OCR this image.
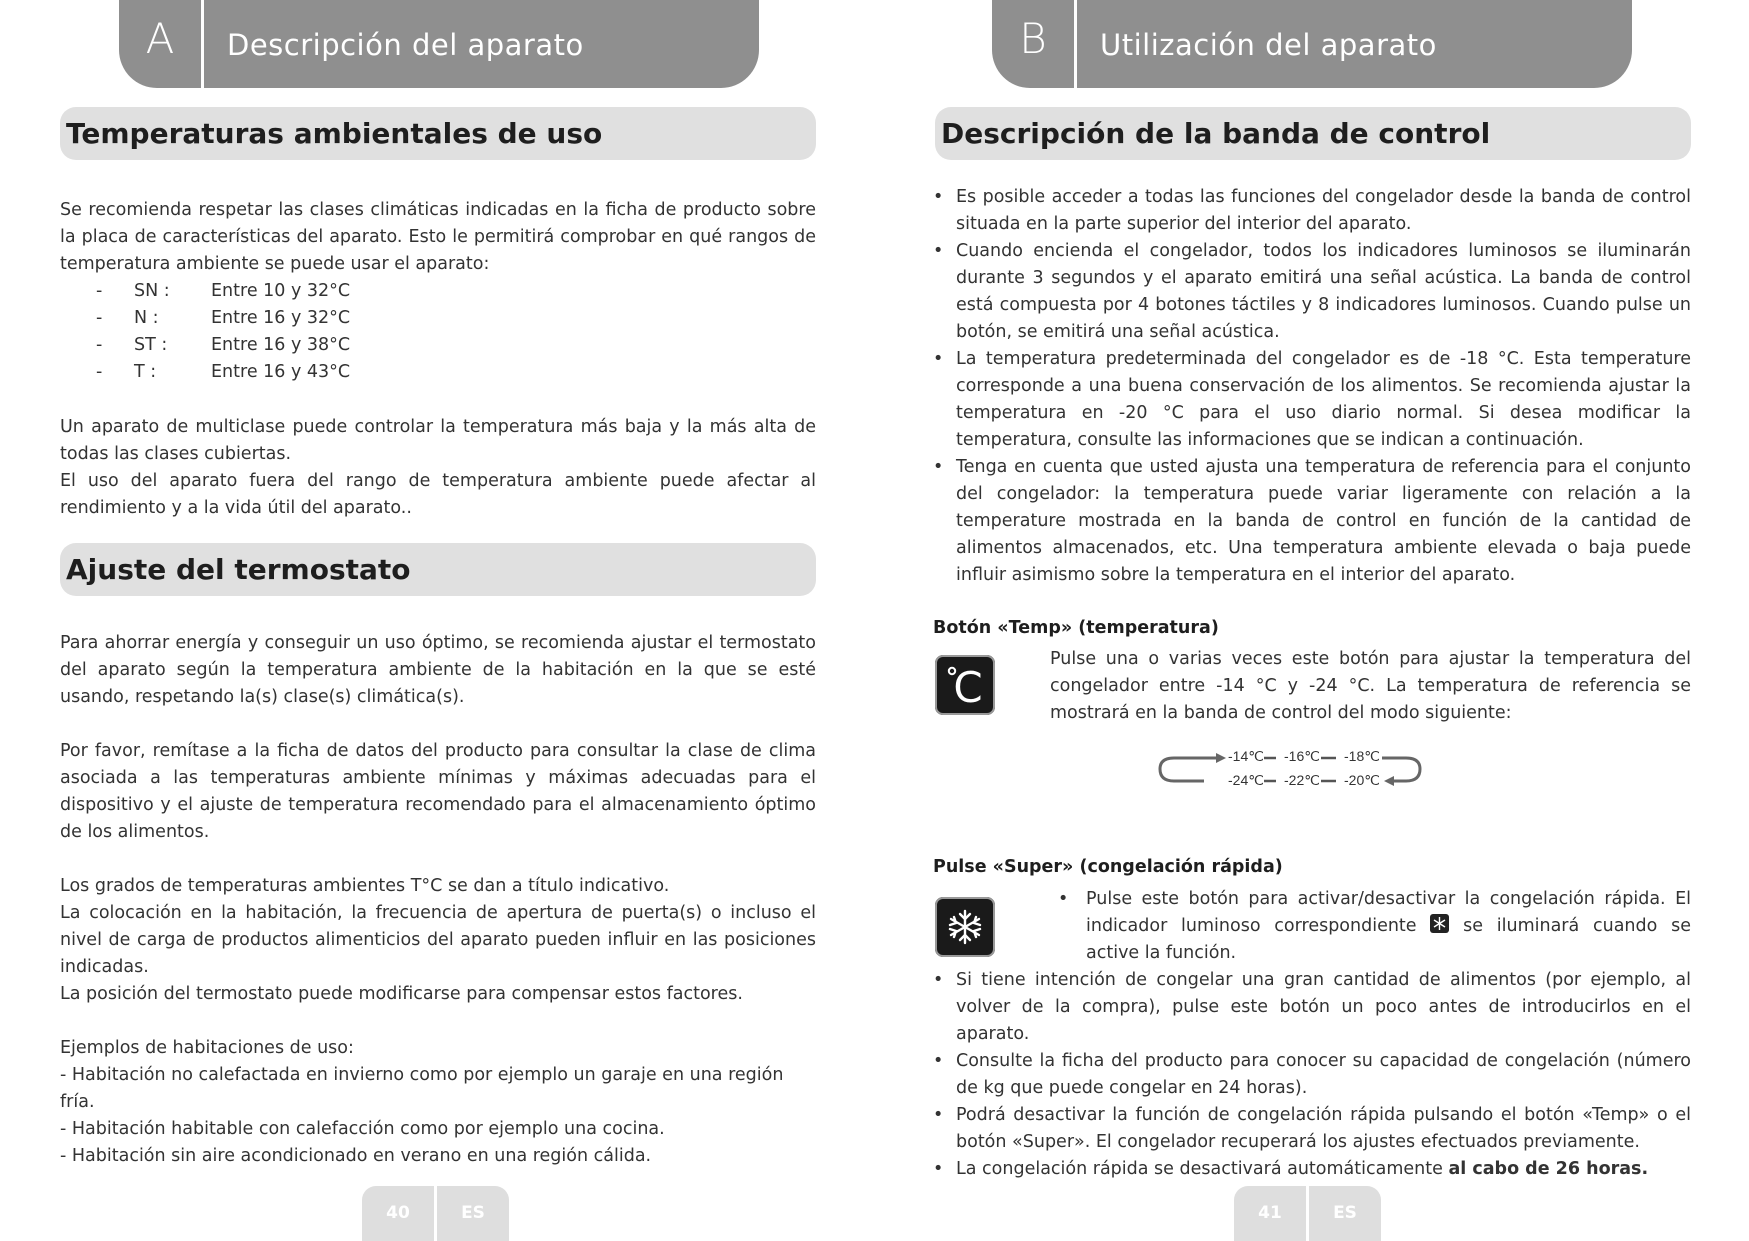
A	Descripción del aparato
Temperaturas ambientales de uso

Se recomienda respetar las clases climáticas indicadas en la ficha de producto sobre la placa de características del aparato. Esto le permitirá comprobar en qué rangos de temperatura ambiente se puede usar el aparato:

- SN : Entre 10 y 32°C
- N :	Entre 16 y 32°C
- ST : Entre 16 y 38°C
- T :	Entre 16 y 43°C

Un aparato de multiclase puede controlar la temperatura más baja y la más alta de todas las clases cubiertas.

El uso del aparato fuera del rango de temperatura ambiente puede afectar al rendimiento y a la vida útil del aparato..

Ajuste del termostato

Para ahorrar energía y conseguir un uso óptimo, se recomienda ajustar el termostato del aparato según la temperatura ambiente de la habitación en la que se esté usando, respetando la(s) clase(s) climática(s).

Por favor, remítase a la ficha de datos del producto para consultar la clase de clima asociada a las temperaturas ambiente mínimas y máximas adecuadas para el dispositivo y el ajuste de temperatura recomendado para el almacenamiento óptimo de los alimentos.

Los grados de temperaturas ambientes T°C se dan a título indicativo.

La colocación en la habitación, la frecuencia de apertura de puerta(s) o incluso el nivel de carga de productos alimenticios del aparato pueden influir en las posiciones indicadas.

La posición del termostato puede modificarse para compensar estos factores.

Ejemplos de habitaciones de uso:

- Habitación no calefactada en invierno como por ejemplo un garaje en una región fría.

- Habitación habitable con calefacción como por ejemplo una cocina.

- Habitación sin aire acondicionado en verano en una región cálida.

40	ES
B	Utilización del aparato
Descripción de la banda de control
• Es posible acceder a todas las funciones del congelador desde la banda de control situada en la parte superior del interior del aparato.
• Cuando encienda el congelador, todos los indicadores luminosos se iluminarán durante 3 segundos y el aparato emitirá una señal acústica. La banda de control está compuesta por 4 botones táctiles y 8 indicadores luminosos. Cuando pulse un botón, se emitirá una señal acústica.
• La temperatura predeterminada del congelador es de -18 °C. Esta temperature corresponde a una buena conservación de los alimentos. Se recomienda ajustar la temperatura en -20 °C para el uso diario normal. Si desea modificar la temperatura, consulte las informaciones que se indican a continuación.
• Tenga en cuenta que usted ajusta una temperatura de referencia para el conjunto del congelador: la temperatura puede variar ligeramente con relación a la temperature mostrada en la banda de control en función de la cantidad de alimentos almacenados, etc. Una temperatura ambiente elevada o baja puede influir asimismo sobre la temperatura en el interior del aparato.
Botón «Temp» (temperatura)
C

Pulse una o varias veces este botón para ajustar la temperatura del congelador entre -14 °C y -24 °C. La temperatura de referencia se mostrará en la banda de control del modo siguiente:

-14℃ -16℃ -18℃
-24℃ -22℃ -20℃
Pulse «Super» (congelación rápida)
• Pulse este botón para activar/desactivar la congelación rápida. El indicador luminoso correspondiente	se iluminará cuando se active la función.
• Si tiene intención de congelar una gran cantidad de alimentos (por ejemplo, al volver de la compra), pulse este botón un poco antes de introducirlos en el aparato.
• Consulte la ficha del producto para conocer su capacidad de congelación (número de kg que puede congelar en 24 horas).
• Podrá desactivar la función de congelación rápida pulsando el botón «Temp» o el botón «Super». El congelador recuperará los ajustes efectuados previamente.
• La congelación rápida se desactivará automáticamente al cabo de 26 horas.
41	ES
